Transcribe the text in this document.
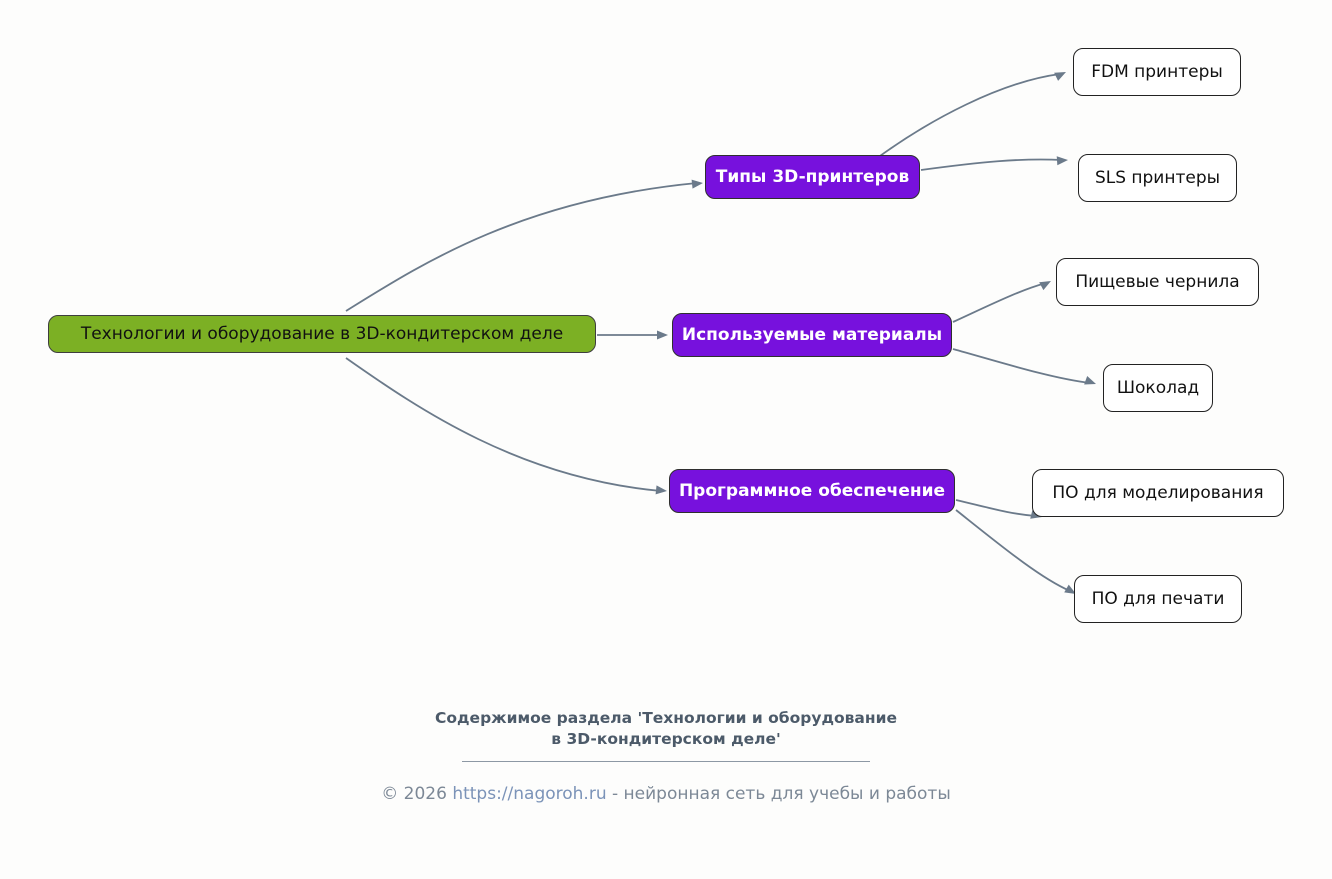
Технологии и оборудование в 3D-кондитерском деле
Типы 3D-принтеров
Используемые материалы
Программное обеспечение
FDM принтеры
SLS принтеры
Пищевые чернила
Шоколад
ПО для моделирования
ПО для печати
Содержимое раздела 'Технологии и оборудование
в 3D-кондитерском деле'
© 2026 https://nagoroh.ru - нейронная сеть для учебы и работы
